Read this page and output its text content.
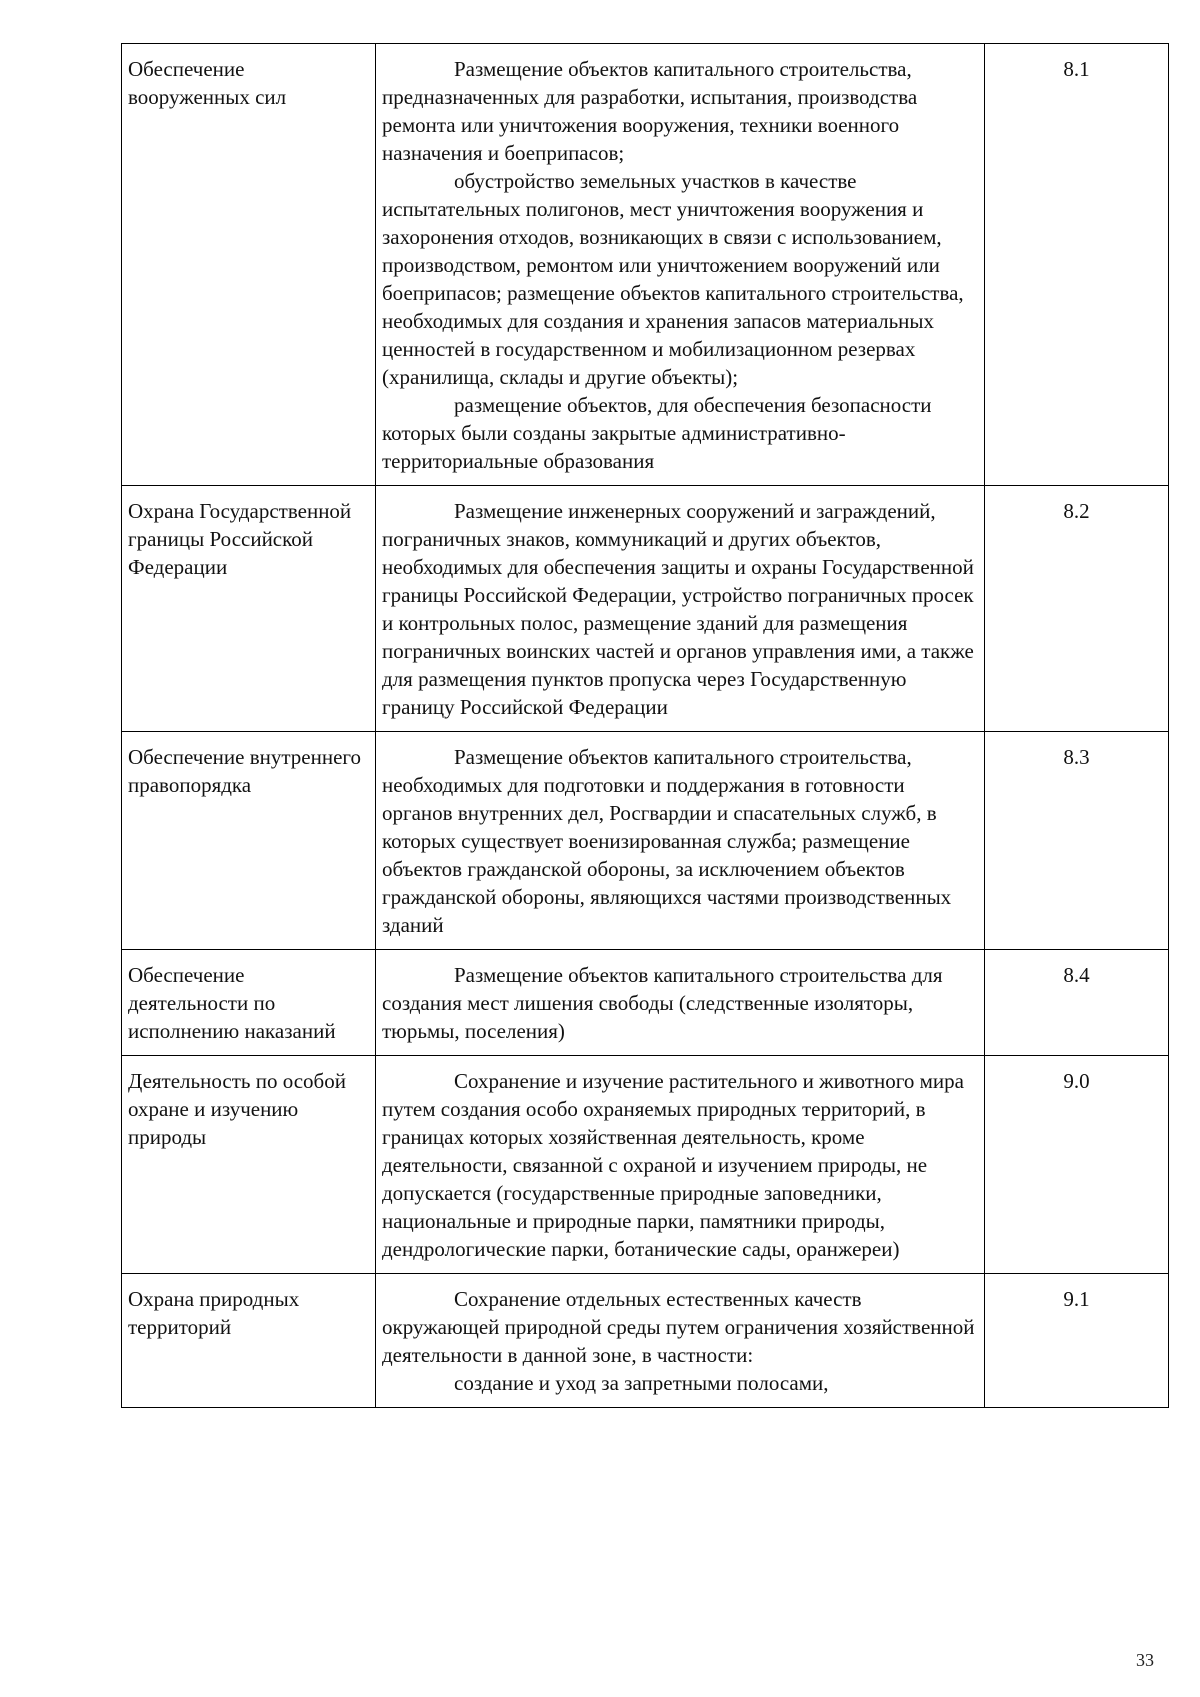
Обеспечение вооруженных сил	Размещение объектов капитального строительства, предназначенных для разработки, испытания, производства ремонта или уничтожения вооружения, техники военного назначения и боеприпасов;
обустройство земельных участков в качестве испытательных полигонов, мест уничтожения вооружения и захоронения отходов, возникающих в связи с использованием, производством, ремонтом или уничтожением вооружений или боеприпасов; размещение объектов капитального строительства, необходимых для создания и хранения запасов материальных ценностей в государственном и мобилизационном резервах (хранилища, склады и другие объекты);
размещение объектов, для обеспечения безопасности которых были созданы закрытые административно-территориальные образования	8.1
Охрана Государственной границы Российской Федерации	Размещение инженерных сооружений и заграждений, пограничных знаков, коммуникаций и других объектов, необходимых для обеспечения защиты и охраны Государственной границы Российской Федерации, устройство пограничных просек и контрольных полос, размещение зданий для размещения пограничных воинских частей и органов управления ими, а также для размещения пунктов пропуска через Государственную границу Российской Федерации	8.2
Обеспечение внутреннего правопорядка	Размещение объектов капитального строительства, необходимых для подготовки и поддержания в готовности органов внутренних дел, Росгвардии и спасательных служб, в которых существует военизированная служба; размещение объектов гражданской обороны, за исключением объектов гражданской обороны, являющихся частями производственных зданий	8.3
Обеспечение деятельности по исполнению наказаний	Размещение объектов капитального строительства для создания мест лишения свободы (следственные изоляторы, тюрьмы, поселения)	8.4
Деятельность по особой охране и изучению природы	Сохранение и изучение растительного и животного мира путем создания особо охраняемых природных территорий, в границах которых хозяйственная деятельность, кроме деятельности, связанной с охраной и изучением природы, не допускается (государственные природные заповедники, национальные и природные парки, памятники природы, дендрологические парки, ботанические сады, оранжереи)	9.0
Охрана природных территорий	Сохранение отдельных естественных качеств окружающей природной среды путем ограничения хозяйственной деятельности в данной зоне, в частности:
создание и уход за запретными полосами,	9.1
33
